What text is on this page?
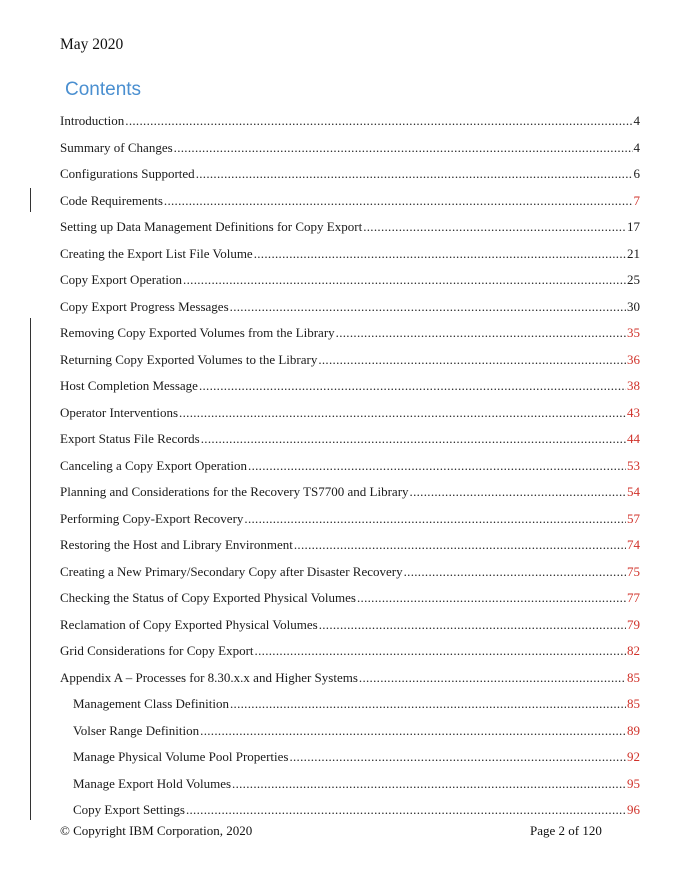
May 2020
Contents
Introduction .....	4
Summary of Changes .....	4
Configurations Supported .....	6
Code Requirements .....	7
Setting up Data Management Definitions for Copy Export .....	17
Creating the Export List File Volume .....	21
Copy Export Operation .....	25
Copy Export Progress Messages .....	30
Removing Copy Exported Volumes from the Library .....	35
Returning Copy Exported Volumes to the Library .....	36
Host Completion Message .....	38
Operator Interventions .....	43
Export Status File Records .....	44
Canceling a Copy Export Operation .....	53
Planning and Considerations for the Recovery TS7700 and Library .....	54
Performing Copy-Export Recovery .....	57
Restoring the Host and Library Environment .....	74
Creating a New Primary/Secondary Copy after Disaster Recovery .....	75
Checking the Status of Copy Exported Physical Volumes .....	77
Reclamation of Copy Exported Physical Volumes .....	79
Grid Considerations for Copy Export .....	82
Appendix A – Processes for 8.30.x.x and Higher Systems .....	85
Management Class Definition .....	85
Volser Range Definition .....	89
Manage Physical Volume Pool Properties .....	92
Manage Export Hold Volumes .....	95
Copy Export Settings .....	96
© Copyright IBM Corporation, 2020	Page 2 of 120
